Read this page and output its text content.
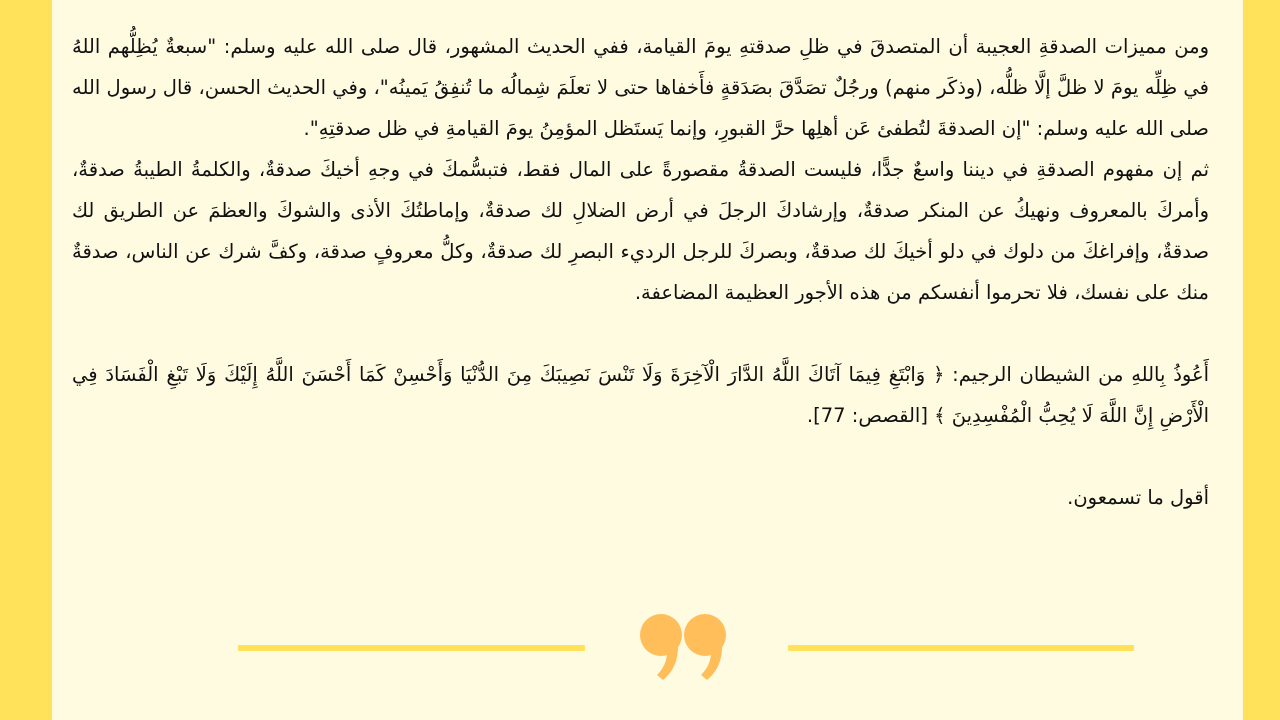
ومن مميزات الصدقةِ العجيبة أن المتصدقَ في ظلِ صدقتهِ يومَ القيامة، ففي الحديث المشهور، قال صلى الله عليه وسلم: "سبعةٌ يُظِلُّهم اللهُ في ظِلِّه يومَ لا ظلَّ إلَّا ظلُّه، (وذكَر منهم) ورجُلٌ تصَدَّقَ بصَدَقةٍ فأَخفاها حتى لا تعلَمَ شِمالُه ما تُنفِقُ يَمينُه"، وفي الحديث الحسن، قال رسول الله صلى الله عليه وسلم: "إن الصدقةَ لتُطفئ عَن أهلِها حرَّ القبورِ، وإنما يَستَظل المؤمِنُ يومَ القيامةِ في ظل صدقتِهِ".

ثم إن مفهوم الصدقةِ في ديننا واسعٌ جدًّا، فليست الصدقةُ مقصورةً على المال فقط، فتبسُّمكَ في وجهِ أخيكَ صدقةٌ، والكلمةُ الطيبةُ صدقةٌ، وأمركَ بالمعروف ونهيكُ عن المنكر صدقةٌ، وإرشادكَ الرجلَ في أرض الضلالِ لك صدقةٌ، وإماطتُكَ الأذى والشوكَ والعظمَ عن الطريق لك صدقةٌ، وإفراغكَ من دلوك في دلو أخيكَ لك صدقةٌ، وبصركَ للرجل الرديء البصرِ لك صدقةٌ، وكلُّ معروفٍ صدقة، وكفَّ شرك عن الناس، صدقةٌ منك على نفسك، فلا تحرموا أنفسكم من هذه الأجور العظيمة المضاعفة.

أَعُوذُ بِاللهِ من الشيطان الرجيم: ﴿ وَابْتَغِ فِيمَا آتَاكَ اللَّهُ الدَّارَ الْآخِرَةَ وَلَا تَنْسَ نَصِيبَكَ مِنَ الدُّنْيَا وَأَحْسِنْ كَمَا أَحْسَنَ اللَّهُ إِلَيْكَ وَلَا تَبْغِ الْفَسَادَ فِي الْأَرْضِ إِنَّ اللَّهَ لَا يُحِبُّ الْمُفْسِدِينَ ﴾ [القصص: 77].

أقول ما تسمعون.
